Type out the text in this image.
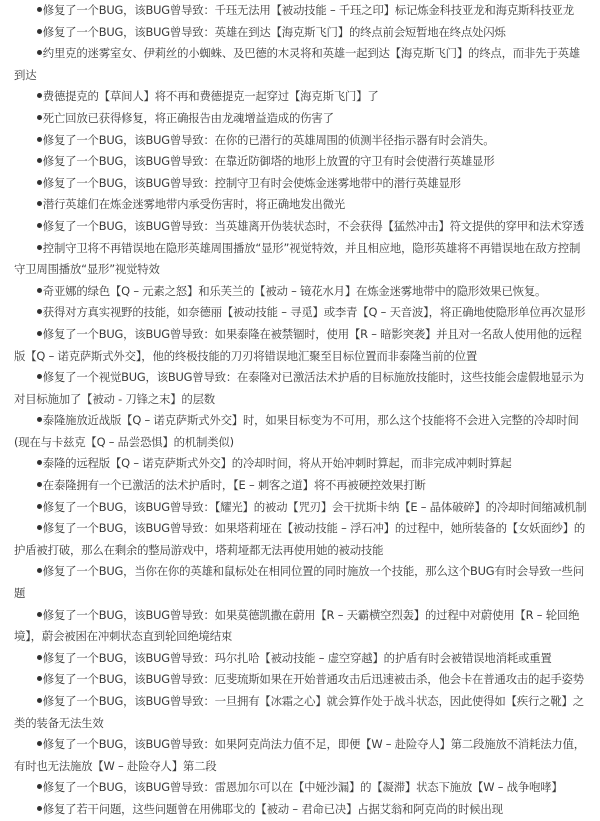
修复了一个BUG，该BUG曾导致：千珏无法用【被动技能 – 千珏之印】标记炼金科技亚龙和海克斯科技亚龙

修复了一个BUG，该BUG曾导致：英雄在到达【海克斯飞门】的终点前会短暂地在终点处闪烁

约里克的迷雾室女、伊莉丝的小蜘蛛、及巴德的木灵将和英雄一起到达【海克斯飞门】的终点，而非先于英雄到达

费德提克的【草间人】将不再和费德提克一起穿过【海克斯飞门】了

死亡回放已获得修复，将正确报告由龙魂增益造成的伤害了

修复了一个BUG，该BUG曾导致：在你的已潜行的英雄周围的侦测半径指示器有时会消失。

修复了一个BUG，该BUG曾导致：在靠近防御塔的地形上放置的守卫有时会使潜行英雄显形

修复了一个BUG，该BUG曾导致：控制守卫有时会使炼金迷雾地带中的潜行英雄显形

潜行英雄们在炼金迷雾地带内承受伤害时，将正确地发出微光

修复了一个BUG，该BUG曾导致：当英雄离开伪装状态时，不会获得【猛然冲击】符文提供的穿甲和法术穿透

控制守卫将不再错误地在隐形英雄周围播放“显形”视觉特效，并且相应地，隐形英雄将不再错误地在敌方控制守卫周围播放“显形”视觉特效

奇亚娜的绿色【Q – 元素之怒】和乐芙兰的【被动 – 镜花水月】在炼金迷雾地带中的隐形效果已恢复。

获得对方真实视野的技能，如奈德丽【被动技能 – 寻觅】或李青【Q – 天音波】，将正确地使隐形单位再次显形

修复了一个BUG，该BUG曾导致：如果泰隆在被禁锢时，使用【R – 暗影突袭】并且对一名敌人使用他的远程版【Q – 诺克萨斯式外交】，他的终极技能的刀刃将错误地汇聚至目标位置而非泰隆当前的位置

修复了一个视觉BUG，该BUG曾导致：在泰隆对已激活法术护盾的目标施放技能时，这些技能会虚假地显示为对目标施加了【被动 - 刀锋之末】的层数

泰隆施放近战版【Q – 诺克萨斯式外交】时，如果目标变为不可用，那么这个技能将不会进入完整的冷却时间(现在与卡兹克【Q – 品尝恐惧】的机制类似)

泰隆的远程版【Q – 诺克萨斯式外交】的冷却时间，将从开始冲刺时算起，而非完成冲刺时算起

在泰隆拥有一个已激活的法术护盾时，【E – 刺客之道】将不再被硬控效果打断

修复了一个BUG，该BUG曾导致：【耀光】的被动【咒刃】会干扰斯卡纳【E – 晶体破碎】的冷却时间缩减机制

修复了一个BUG，该BUG曾导致：如果塔莉垭在【被动技能 – 浮石冲】的过程中，她所装备的【女妖面纱】的护盾被打破，那么在剩余的整局游戏中，塔莉垭都无法再使用她的被动技能

修复了一个BUG，当你在你的英雄和鼠标处在相同位置的同时施放一个技能，那么这个BUG有时会导致一些问题

修复了一个BUG，该BUG曾导致：如果莫德凯撒在蔚用【R – 天霸横空烈轰】的过程中对蔚使用【R – 轮回绝境】，蔚会被困在冲刺状态直到轮回绝境结束

修复了一个BUG，该BUG曾导致：玛尔扎哈【被动技能 – 虚空穿越】的护盾有时会被错误地消耗或重置

修复了一个BUG，该BUG曾导致：厄斐琉斯如果在开始普通攻击后迅速被击杀，他会卡在普通攻击的起手姿势

修复了一个BUG，该BUG曾导致：一旦拥有【冰霜之心】就会算作处于战斗状态，因此使得如【疾行之靴】之类的装备无法生效

修复了一个BUG，该BUG曾导致：如果阿克尚法力值不足，即便【W – 赴险夺人】第二段施放不消耗法力值，有时也无法施放【W – 赴险夺人】第二段

修复了一个BUG，该BUG曾导致：雷恩加尔可以在【中娅沙漏】的【凝滞】状态下施放【W – 战争咆哮】

修复了若干问题，这些问题曾在用佛耶戈的【被动 – 君命已决】占据艾翁和阿克尚的时候出现
